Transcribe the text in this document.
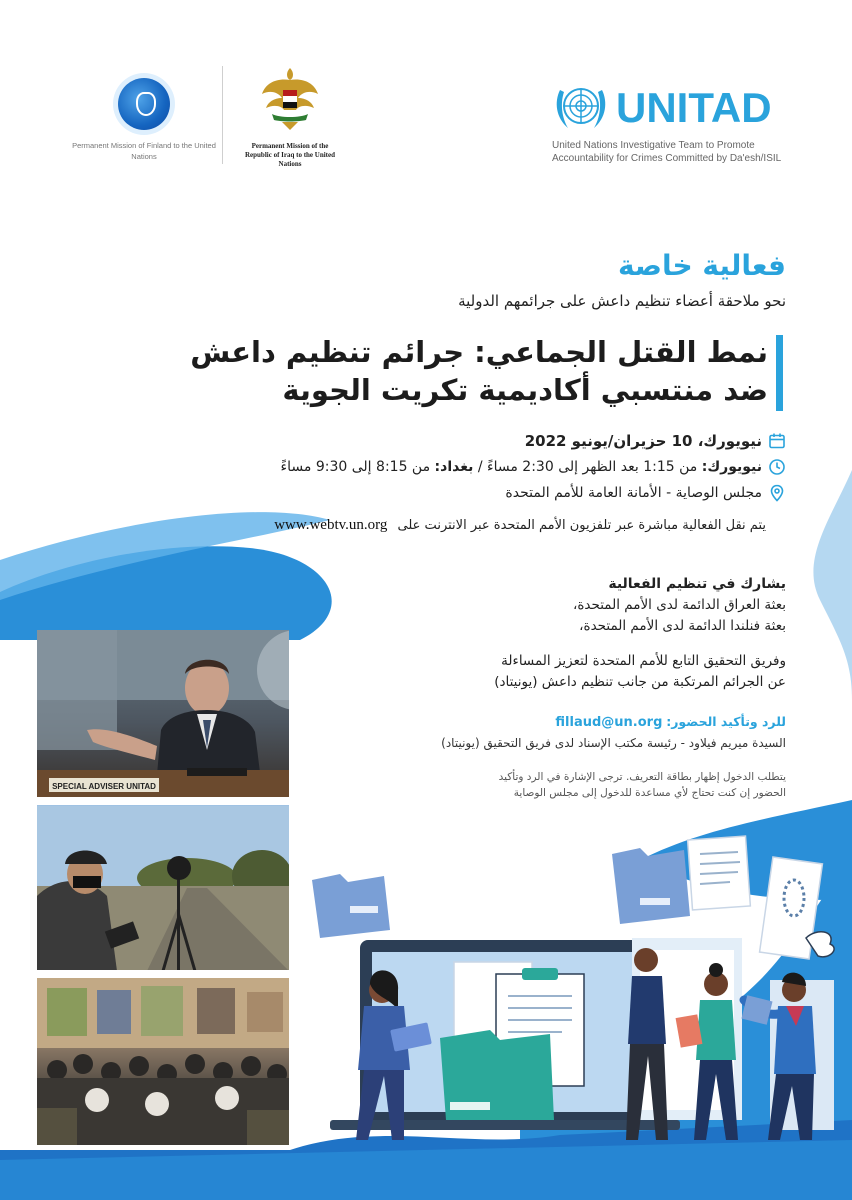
Permanent Mission of Finland to the United Nations
Permanent Mission of the Republic of Iraq to the United Nations
UNITAD
United Nations Investigative Team to Promote Accountability for Crimes Committed by Da'esh/ISIL
فعالية خاصة
نحو ملاحقة أعضاء تنظيم داعش على جرائمهم الدولية
نمط القتل الجماعي: جرائم تنظيم داعش
ضد منتسبي أكاديمية تكريت الجوية
نيويورك، 10 حزيران/يونيو 2022
نيويورك: من 1:15 بعد الظهر إلى 2:30 مساءً / بغداد: من 8:15 إلى 9:30 مساءً
مجلس الوصاية - الأمانة العامة للأمم المتحدة
يتم نقل الفعالية مباشرة عبر تلفزيون الأمم المتحدة عبر الانترنت على www.webtv.un.org
يشارك في تنظيم الفعالية
بعثة العراق الدائمة لدى الأمم المتحدة،
بعثة فنلندا الدائمة لدى الأمم المتحدة،
وفريق التحقيق التابع للأمم المتحدة لتعزيز المساءلة
عن الجرائم المرتكبة من جانب تنظيم داعش (يونيتاد)
للرد وتأكيد الحضور: fillaud@un.org
السيدة ميريم فيلاود - رئيسة مكتب الإسناد لدى فريق التحقيق (يونيتاد)
يتطلب الدخول إظهار بطاقة التعريف. ترجى الإشارة في الرد وتأكيد
الحضور إن كنت تحتاج لأي مساعدة للدخول إلى مجلس الوصاية
SPECIAL ADVISER UNITAD
